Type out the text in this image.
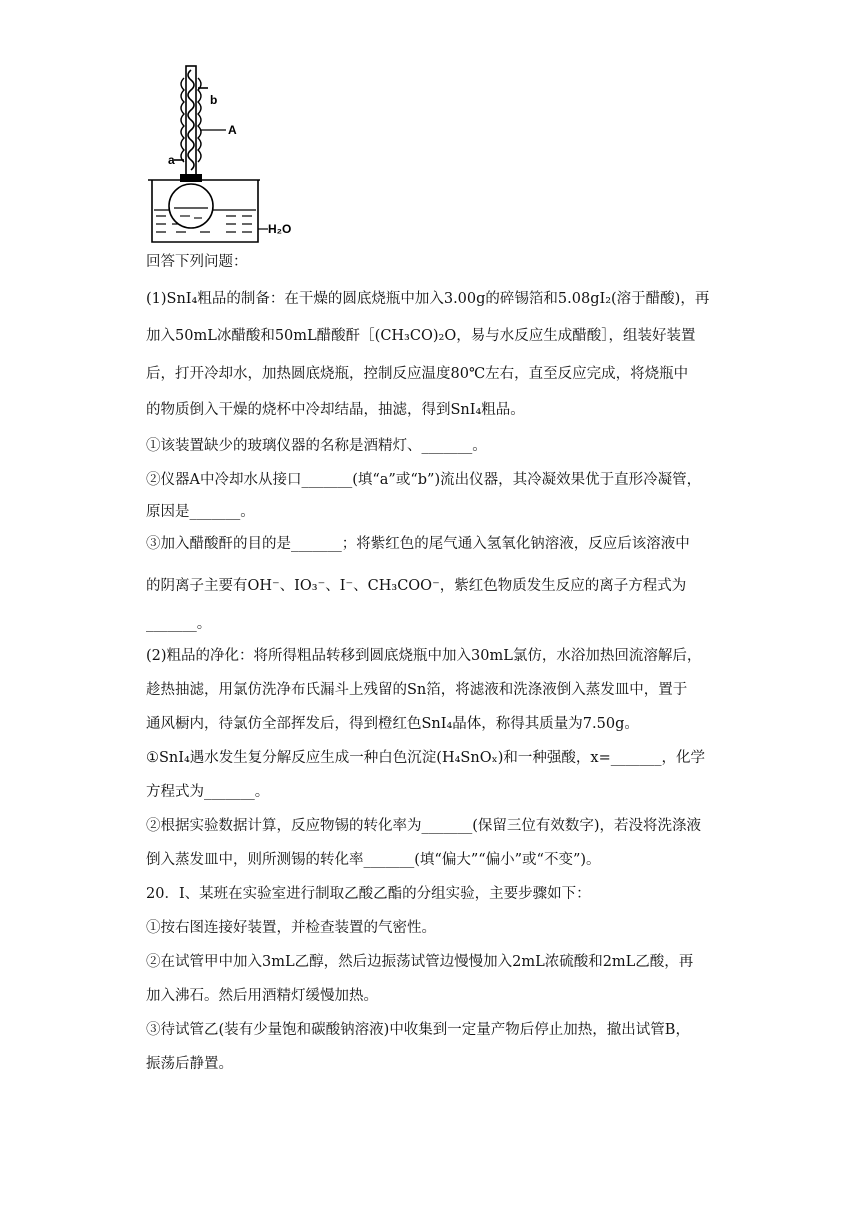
b
A
a
H₂O
回答下列问题：
(1)SnI₄粗品的制备：在干燥的圆底烧瓶中加入3.00g的碎锡箔和5.08gI₂(溶于醋酸)，再
加入50mL冰醋酸和50mL醋酸酐［(CH₃CO)₂O，易与水反应生成醋酸］，组装好装置
后，打开冷却水，加热圆底烧瓶，控制反应温度80℃左右，直至反应完成，将烧瓶中
的物质倒入干燥的烧杯中冷却结晶，抽滤，得到SnI₄粗品。
①该装置缺少的玻璃仪器的名称是酒精灯、_______。
②仪器A中冷却水从接口_______(填“a”或“b”)流出仪器，其冷凝效果优于直形冷凝管，
原因是_______。
③加入醋酸酐的目的是_______；将紫红色的尾气通入氢氧化钠溶液，反应后该溶液中
的阴离子主要有OH⁻、IO₃⁻、I⁻、CH₃COO⁻，紫红色物质发生反应的离子方程式为
_______。
(2)粗品的净化：将所得粗品转移到圆底烧瓶中加入30mL氯仿，水浴加热回流溶解后，
趁热抽滤，用氯仿洗净布氏漏斗上残留的Sn箔，将滤液和洗涤液倒入蒸发皿中，置于
通风橱内，待氯仿全部挥发后，得到橙红色SnI₄晶体，称得其质量为7.50g。
①SnI₄遇水发生复分解反应生成一种白色沉淀(H₄SnOₓ)和一种强酸，x=_______，化学
方程式为_______。
②根据实验数据计算，反应物锡的转化率为_______(保留三位有效数字)，若没将洗涤液
倒入蒸发皿中，则所测锡的转化率_______(填“偏大”“偏小”或“不变”)。
20．I、某班在实验室进行制取乙酸乙酯的分组实验，主要步骤如下：
①按右图连接好装置，并检查装置的气密性。
②在试管甲中加入3mL乙醇，然后边振荡试管边慢慢加入2mL浓硫酸和2mL乙酸，再
加入沸石。然后用酒精灯缓慢加热。
③待试管乙(装有少量饱和碳酸钠溶液)中收集到一定量产物后停止加热，撤出试管B，
振荡后静置。
